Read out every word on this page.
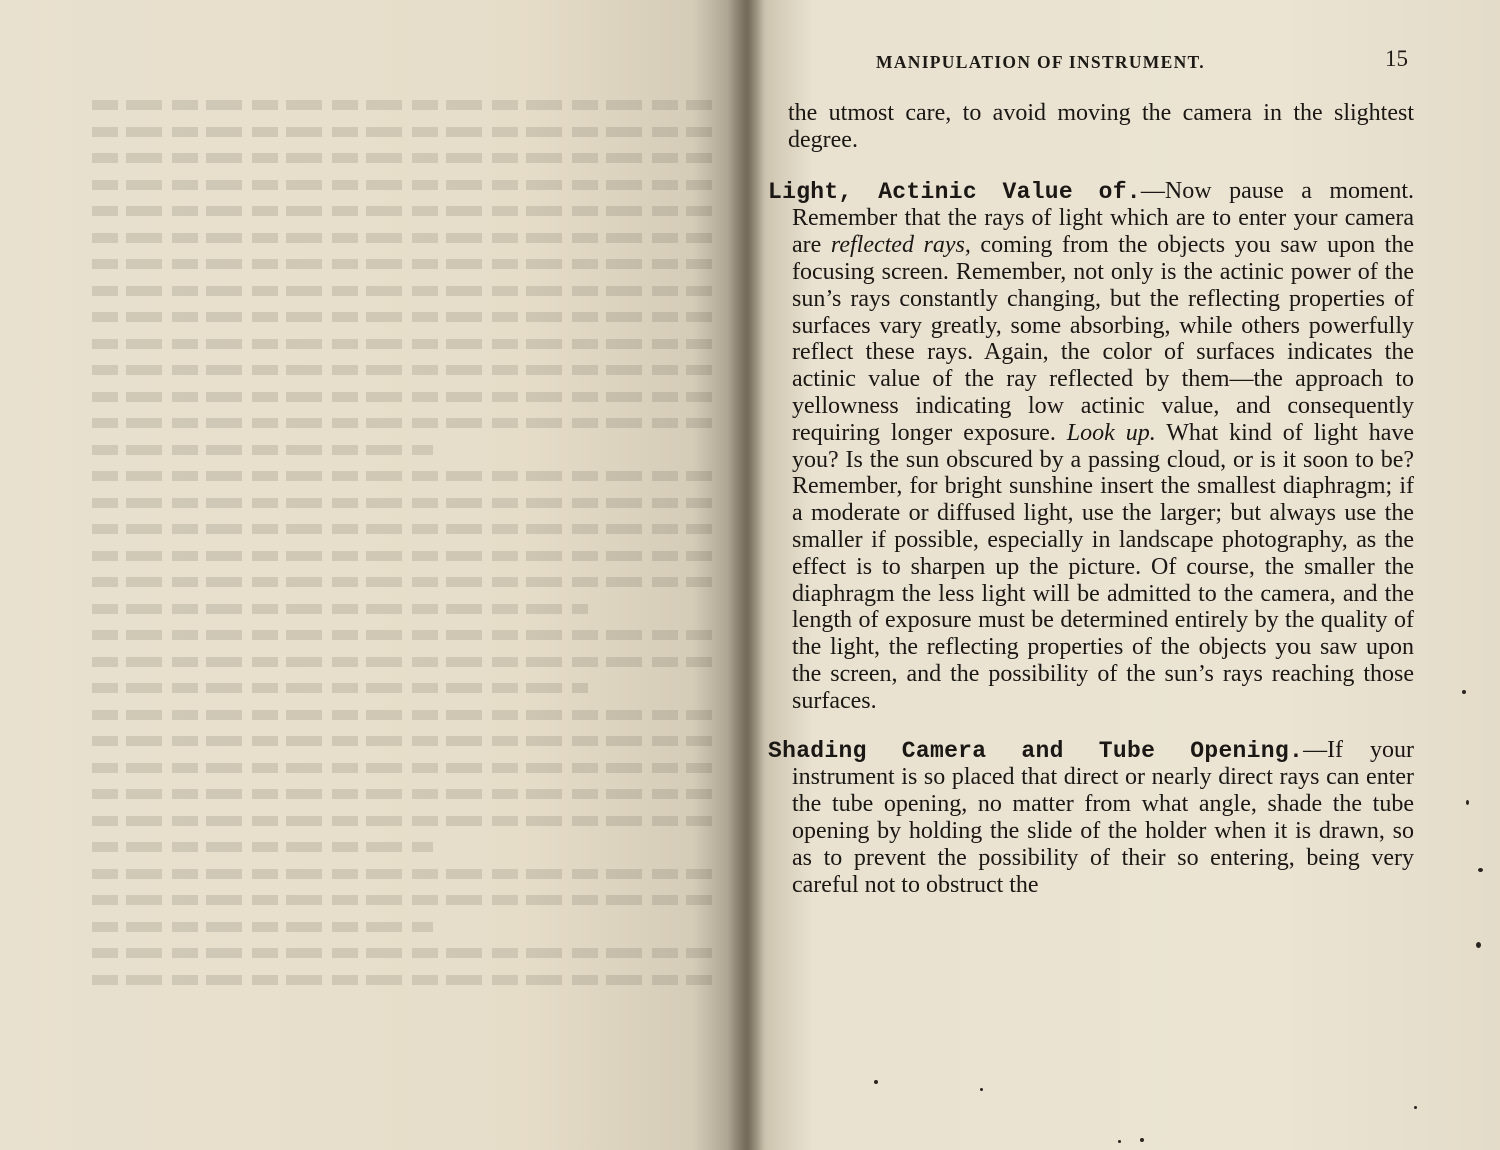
MANIPULATION OF INSTRUMENT.	15

the utmost care, to avoid moving the camera in the slightest degree.

Light, Actinic Value of.—Now pause a moment. Remember that the rays of light which are to enter your camera are reflected rays, coming from the objects you saw upon the focusing screen. Remember, not only is the actinic power of the sun’s rays constantly changing, but the reflecting properties of surfaces vary greatly, some absorbing, while others powerfully reflect these rays. Again, the color of surfaces indicates the actinic value of the ray reflected by them—the approach to yellowness indicating low actinic value, and consequently requiring longer exposure. Look up. What kind of light have you? Is the sun obscured by a passing cloud, or is it soon to be? Remember, for bright sunshine insert the smallest diaphragm; if a moderate or diffused light, use the larger; but always use the smaller if possible, especially in landscape photography, as the effect is to sharpen up the picture. Of course, the smaller the diaphragm the less light will be admitted to the camera, and the length of exposure must be determined entirely by the quality of the light, the reflecting properties of the objects you saw upon the screen, and the possibility of the sun’s rays reaching those surfaces.

Shading Camera and Tube Opening.—If your instrument is so placed that direct or nearly direct rays can enter the tube opening, no matter from what angle, shade the tube opening by holding the slide of the holder when it is drawn, so as to prevent the possibility of their so entering, being very careful not to obstruct the
